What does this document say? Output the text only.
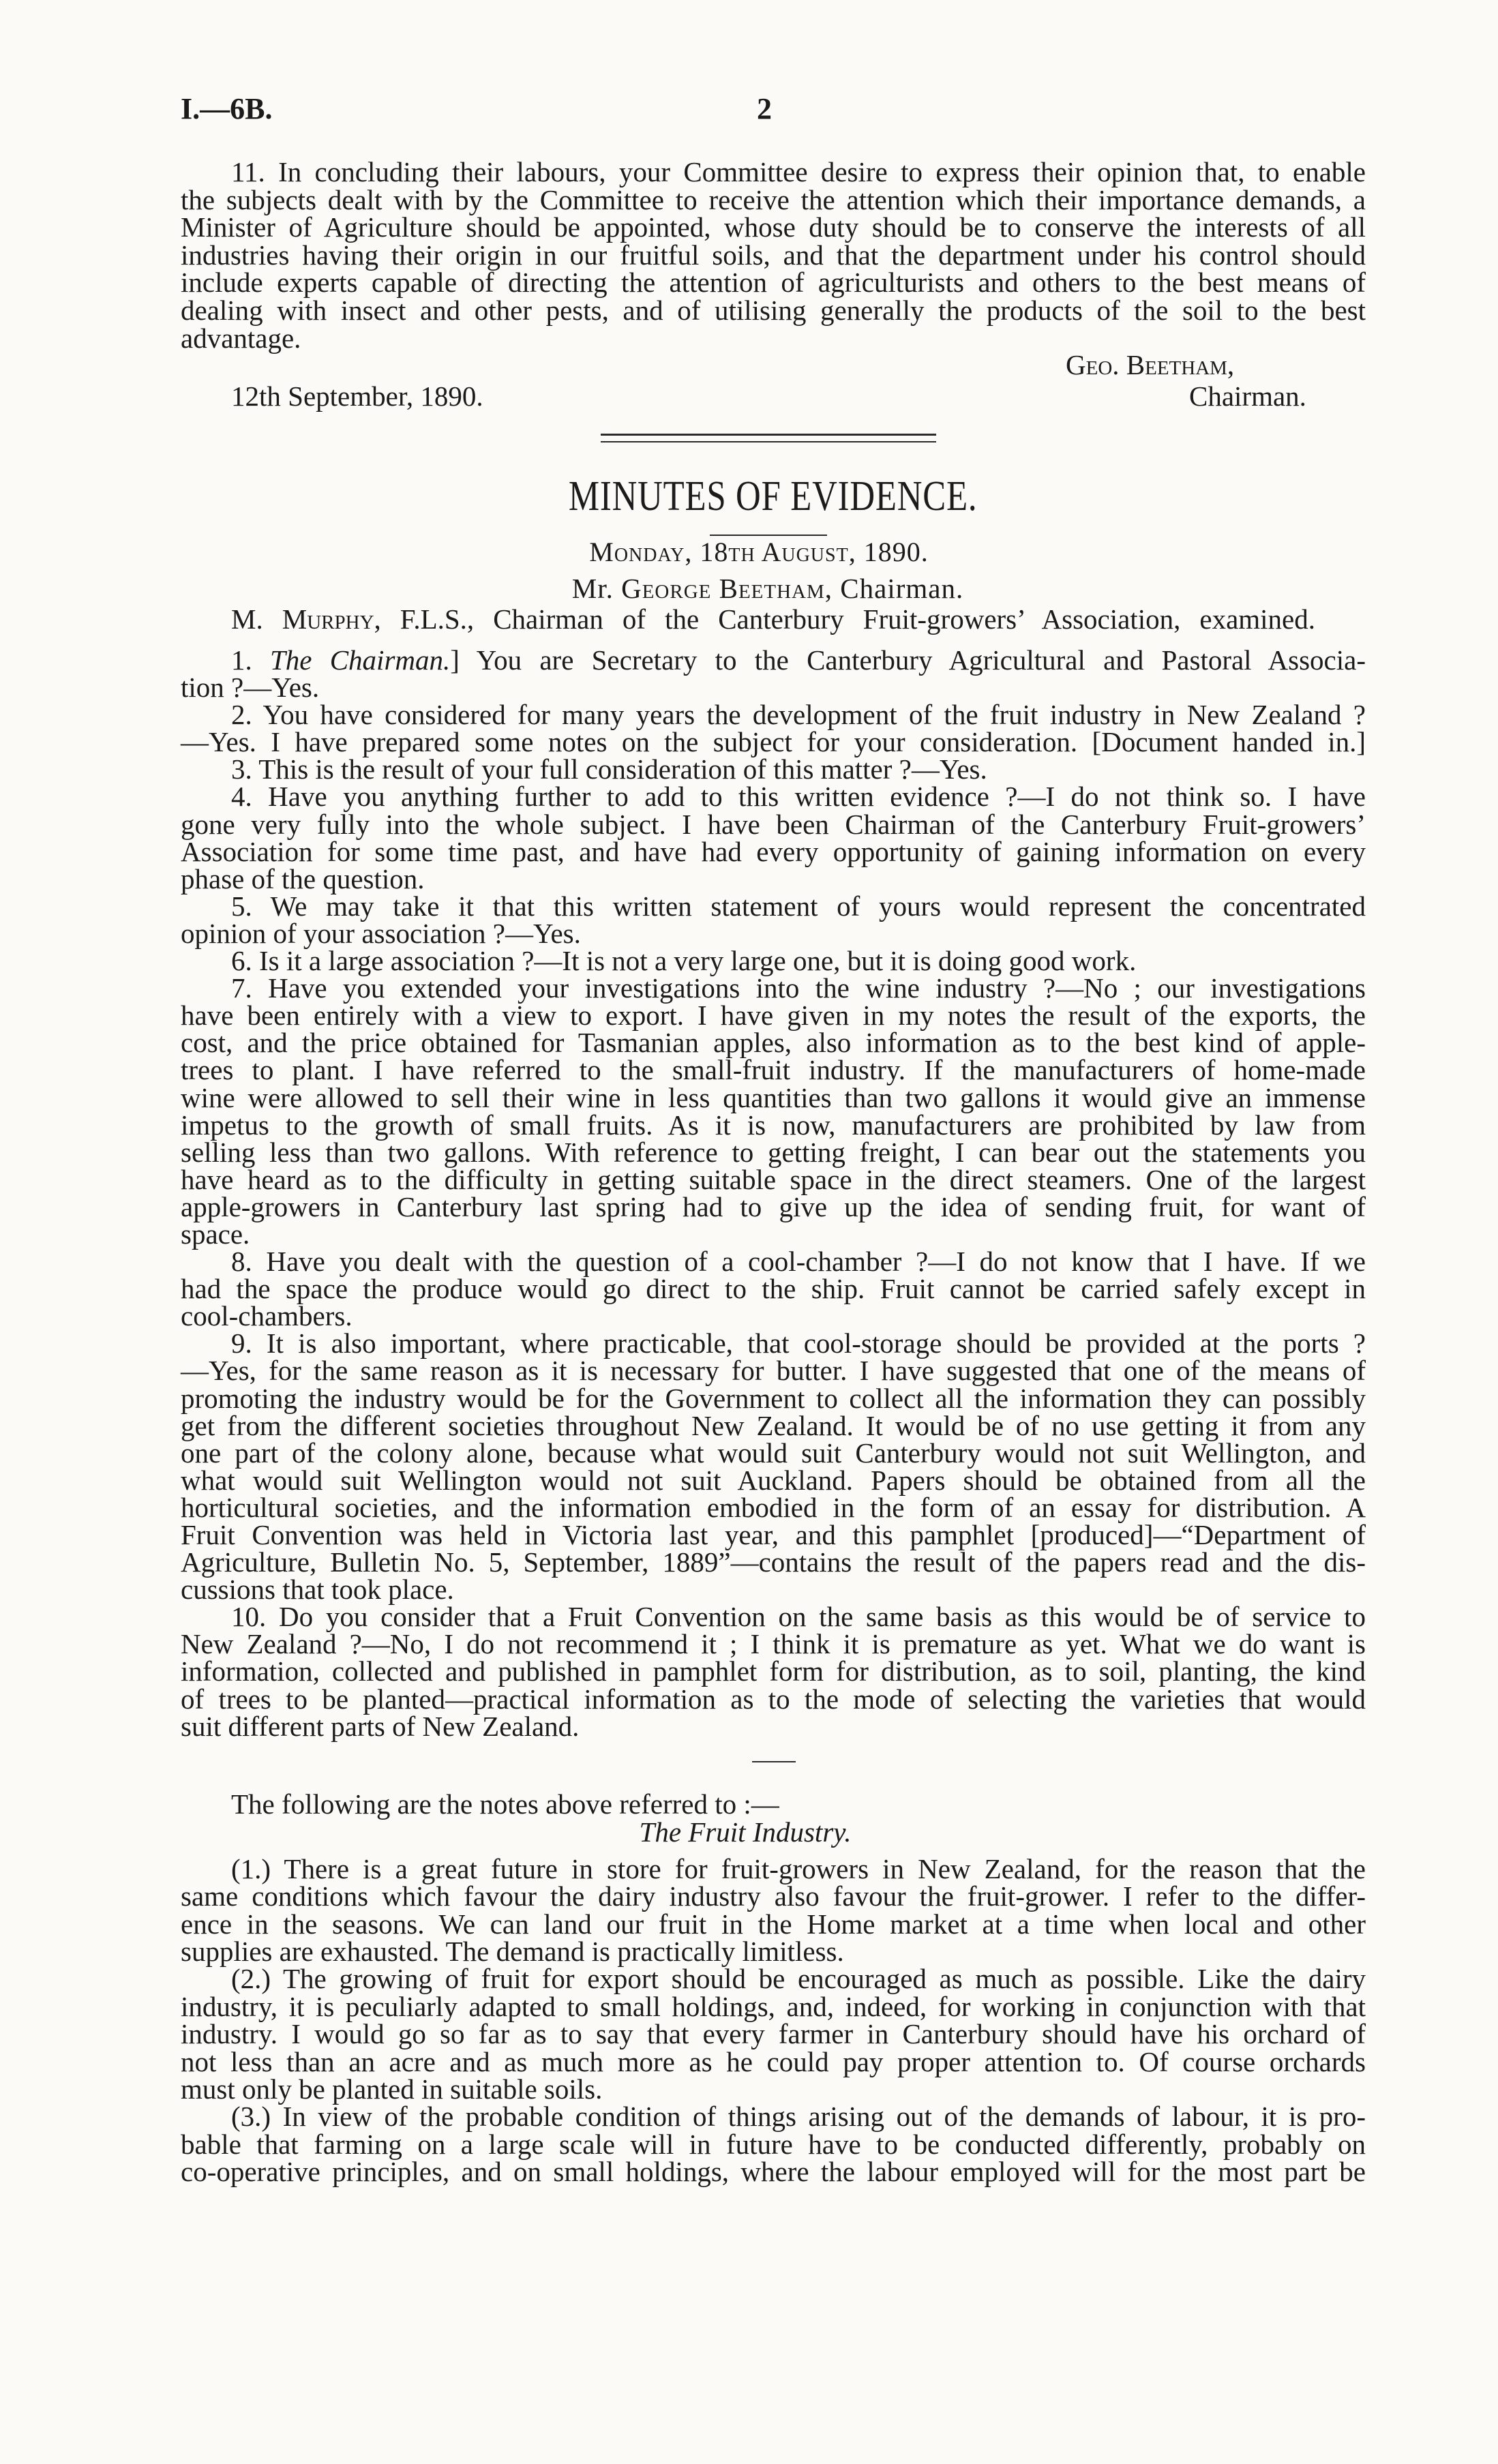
I.—6B.	2
11. In concluding their labours, your Committee desire to express their opinion that, to enable
the subjects dealt with by the Committee to receive the attention which their importance demands, a
Minister of Agriculture should be appointed, whose duty should be to conserve the interests of all
industries having their origin in our fruitful soils, and that the department under his control should
include experts capable of directing the attention of agriculturists and others to the best means of
dealing with insect and other pests, and of utilising generally the products of the soil to the best
advantage.
Geo. Beetham,
12th September, 1890.	Chairman.
MINUTES OF EVIDENCE.
Monday, 18th August, 1890.
Mr. George Beetham, Chairman.
M. Murphy, F.L.S., Chairman of the Canterbury Fruit-growers’ Association, examined.
1. The Chairman.] You are Secretary to the Canterbury Agricultural and Pastoral Associa-
tion ?—Yes.
2. You have considered for many years the development of the fruit industry in New Zealand ?
—Yes. I have prepared some notes on the subject for your consideration. [Document handed in.]
3. This is the result of your full consideration of this matter ?—Yes.
4. Have you anything further to add to this written evidence ?—I do not think so. I have
gone very fully into the whole subject. I have been Chairman of the Canterbury Fruit-growers’
Association for some time past, and have had every opportunity of gaining information on every
phase of the question.
5. We may take it that this written statement of yours would represent the concentrated
opinion of your association ?—Yes.
6. Is it a large association ?—It is not a very large one, but it is doing good work.
7. Have you extended your investigations into the wine industry ?—No ; our investigations
have been entirely with a view to export. I have given in my notes the result of the exports, the
cost, and the price obtained for Tasmanian apples, also information as to the best kind of apple-
trees to plant. I have referred to the small-fruit industry. If the manufacturers of home-made
wine were allowed to sell their wine in less quantities than two gallons it would give an immense
impetus to the growth of small fruits. As it is now, manufacturers are prohibited by law from
selling less than two gallons. With reference to getting freight, I can bear out the statements you
have heard as to the difficulty in getting suitable space in the direct steamers. One of the largest
apple-growers in Canterbury last spring had to give up the idea of sending fruit, for want of
space.
8. Have you dealt with the question of a cool-chamber ?—I do not know that I have. If we
had the space the produce would go direct to the ship. Fruit cannot be carried safely except in
cool-chambers.
9. It is also important, where practicable, that cool-storage should be provided at the ports ?
—Yes, for the same reason as it is necessary for butter. I have suggested that one of the means of
promoting the industry would be for the Government to collect all the information they can possibly
get from the different societies throughout New Zealand. It would be of no use getting it from any
one part of the colony alone, because what would suit Canterbury would not suit Wellington, and
what would suit Wellington would not suit Auckland. Papers should be obtained from all the
horticultural societies, and the information embodied in the form of an essay for distribution. A
Fruit Convention was held in Victoria last year, and this pamphlet [produced]—“Department of
Agriculture, Bulletin No. 5, September, 1889”—contains the result of the papers read and the dis-
cussions that took place.
10. Do you consider that a Fruit Convention on the same basis as this would be of service to
New Zealand ?—No, I do not recommend it ; I think it is premature as yet. What we do want is
information, collected and published in pamphlet form for distribution, as to soil, planting, the kind
of trees to be planted—practical information as to the mode of selecting the varieties that would
suit different parts of New Zealand.
The following are the notes above referred to :—
The Fruit Industry.
(1.) There is a great future in store for fruit-growers in New Zealand, for the reason that the
same conditions which favour the dairy industry also favour the fruit-grower. I refer to the differ-
ence in the seasons. We can land our fruit in the Home market at a time when local and other
supplies are exhausted. The demand is practically limitless.
(2.) The growing of fruit for export should be encouraged as much as possible. Like the dairy
industry, it is peculiarly adapted to small holdings, and, indeed, for working in conjunction with that
industry. I would go so far as to say that every farmer in Canterbury should have his orchard of
not less than an acre and as much more as he could pay proper attention to. Of course orchards
must only be planted in suitable soils.
(3.) In view of the probable condition of things arising out of the demands of labour, it is pro-
bable that farming on a large scale will in future have to be conducted differently, probably on
co-operative principles, and on small holdings, where the labour employed will for the most part be
